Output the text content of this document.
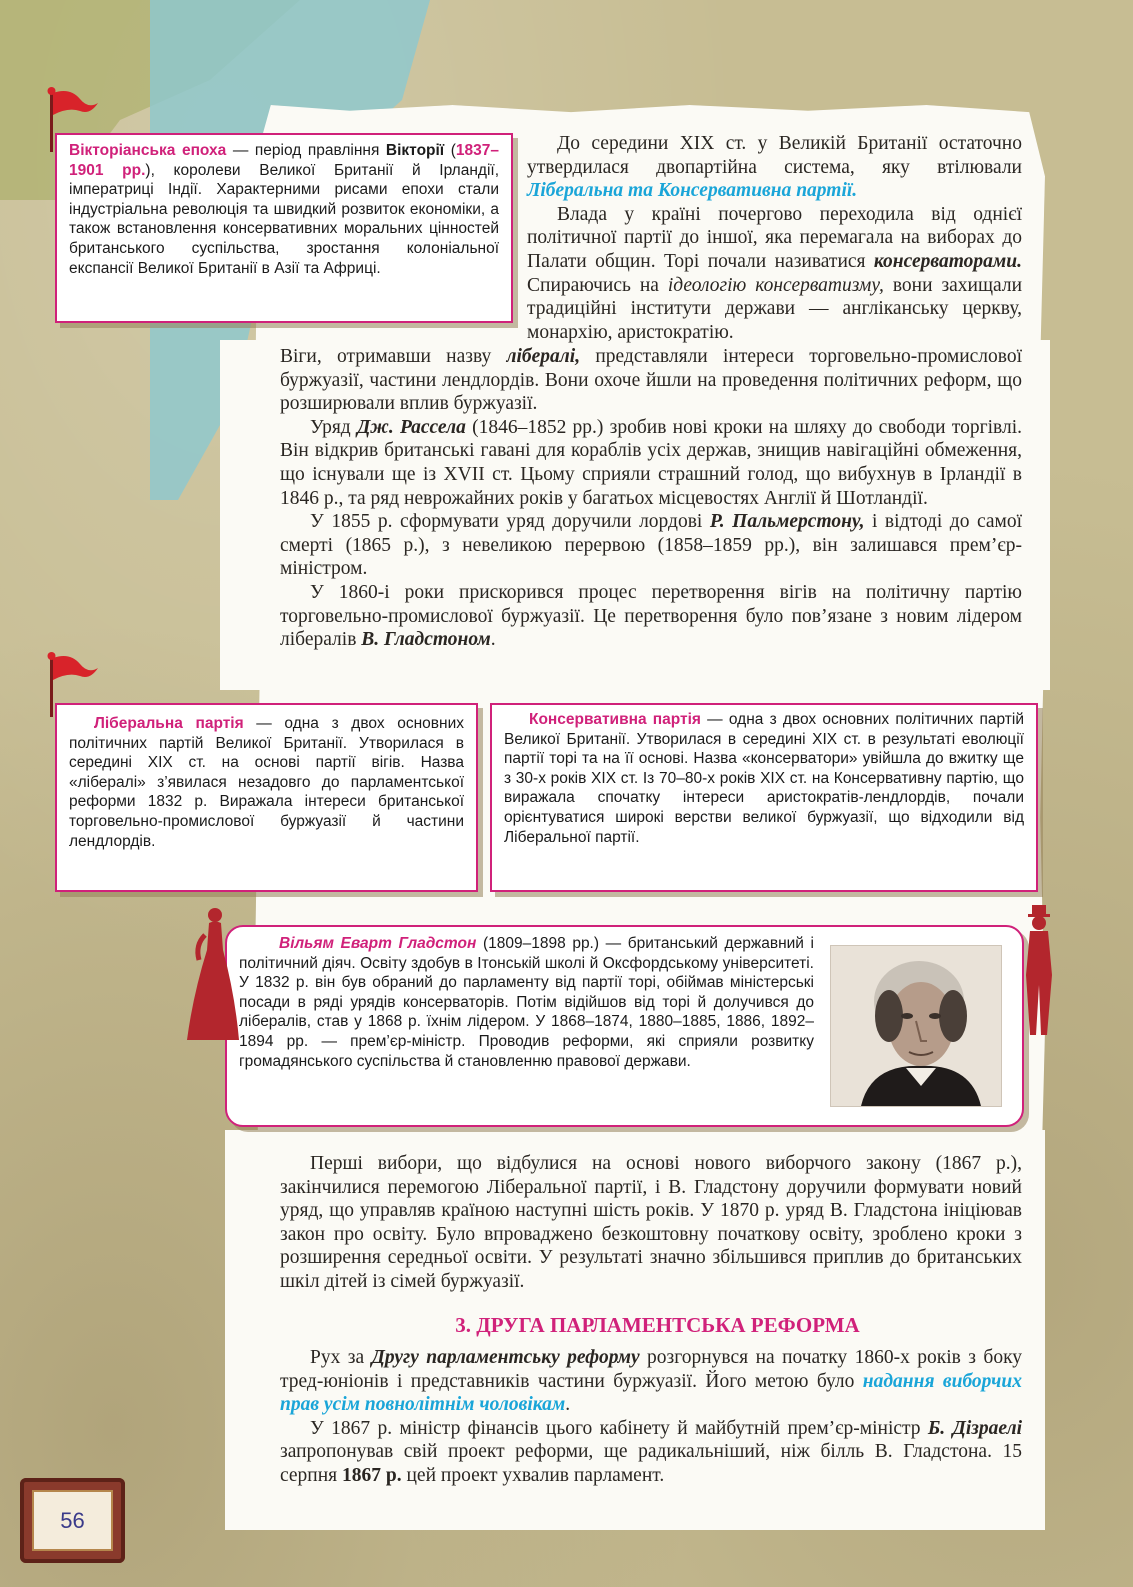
Вікторіанська епоха — період правління Вікторії (1837–1901 рр.), королеви Великої Британії й Ірландії, імператриці Індії. Характерними рисами епохи стали індустріальна революція та швидкий розвиток економіки, а також встановлення консервативних моральних цінностей британського суспільства, зростання колоніальної експансії Великої Британії в Азії та Африці.

До середини XIX ст. у Великій Британії остаточно утвердилася двопартійна система, яку втілювали Ліберальна та Консервативна партії.

Влада у країні почергово переходила від однієї політичної партії до іншої, яка перемагала на виборах до Палати общин. Торі почали називатися консерваторами. Спираючись на ідеологію консерватизму, вони захищали традиційні інститути держави — англіканську церкву, монархію, аристократію.

Віги, отримавши назву лібералі, представляли інтереси торговельно-промислової буржуазії, частини лендлордів. Вони охоче йшли на проведення політичних реформ, що розширювали вплив буржуазії.

Уряд Дж. Рассела (1846–1852 рр.) зробив нові кроки на шляху до свободи торгівлі. Він відкрив британські гавані для кораблів усіх держав, знищив навігаційні обмеження, що існували ще із XVII ст. Цьому сприяли страшний голод, що вибухнув в Ірландії в 1846 р., та ряд неврожайних років у багатьох місцевостях Англії й Шотландії.

У 1855 р. сформувати уряд доручили лордові Р. Пальмерстону, і відтоді до самої смерті (1865 р.), з невеликою перервою (1858–1859 рр.), він залишався прем’єр-міністром.

У 1860-і роки прискорився процес перетворення вігів на політичну партію торговельно-промислової буржуазії. Це перетворення було пов’язане з новим лідером лібералів В. Гладстоном.

Ліберальна партія — одна з двох основних політичних партій Великої Британії. Утворилася в середині XIX ст. на основі партії вігів. Назва «лібералі» з’явилася незадовго до парламентської реформи 1832 р. Виражала інтереси британської торговельно-промислової буржуазії й частини лендлордів.

Консервативна партія — одна з двох основних політичних партій Великої Британії. Утворилася в середині XIX ст. в результаті еволюції партії торі та на її основі. Назва «консерватори» увійшла до вжитку ще з 30-х років XIX ст. Із 70–80-х років XIX ст. на Консервативну партію, що виражала спочатку інтереси аристократів-лендлордів, почали орієнтуватися широкі верстви великої буржуазії, що відходили від Ліберальної партії.

Вільям Еварт Гладстон (1809–1898 рр.) — британський державний і політичний діяч. Освіту здобув в Ітонській школі й Оксфордському університеті. У 1832 р. він був обраний до парламенту від партії торі, обіймав міністерські посади в ряді урядів консерваторів. Потім відійшов від торі й долучився до лібералів, став у 1868 р. їхнім лідером. У 1868–1874, 1880–1885, 1886, 1892–1894 рр. — прем’єр-міністр. Проводив реформи, які сприяли розвитку громадянського суспільства й становленню правової держави.

Перші вибори, що відбулися на основі нового виборчого закону (1867 р.), закінчилися перемогою Ліберальної партії, і В. Гладстону доручили формувати новий уряд, що управляв країною наступні шість років. У 1870 р. уряд В. Гладстона ініціював закон про освіту. Було впроваджено безкоштовну початкову освіту, зроблено кроки з розширення середньої освіти. У результаті значно збільшився приплив до британських шкіл дітей із сімей буржуазії.

3. ДРУГА ПАРЛАМЕНТСЬКА РЕФОРМА

Рух за Другу парламентську реформу розгорнувся на початку 1860-х років з боку тред-юніонів і представників частини буржуазії. Його метою було надання виборчих прав усім повнолітнім чоловікам.

У 1867 р. міністр фінансів цього кабінету й майбутній прем’єр-міністр Б. Дізраелі запропонував свій проект реформи, ще радикальніший, ніж білль В. Гладстона. 15 серпня 1867 р. цей проект ухвалив парламент.

56
